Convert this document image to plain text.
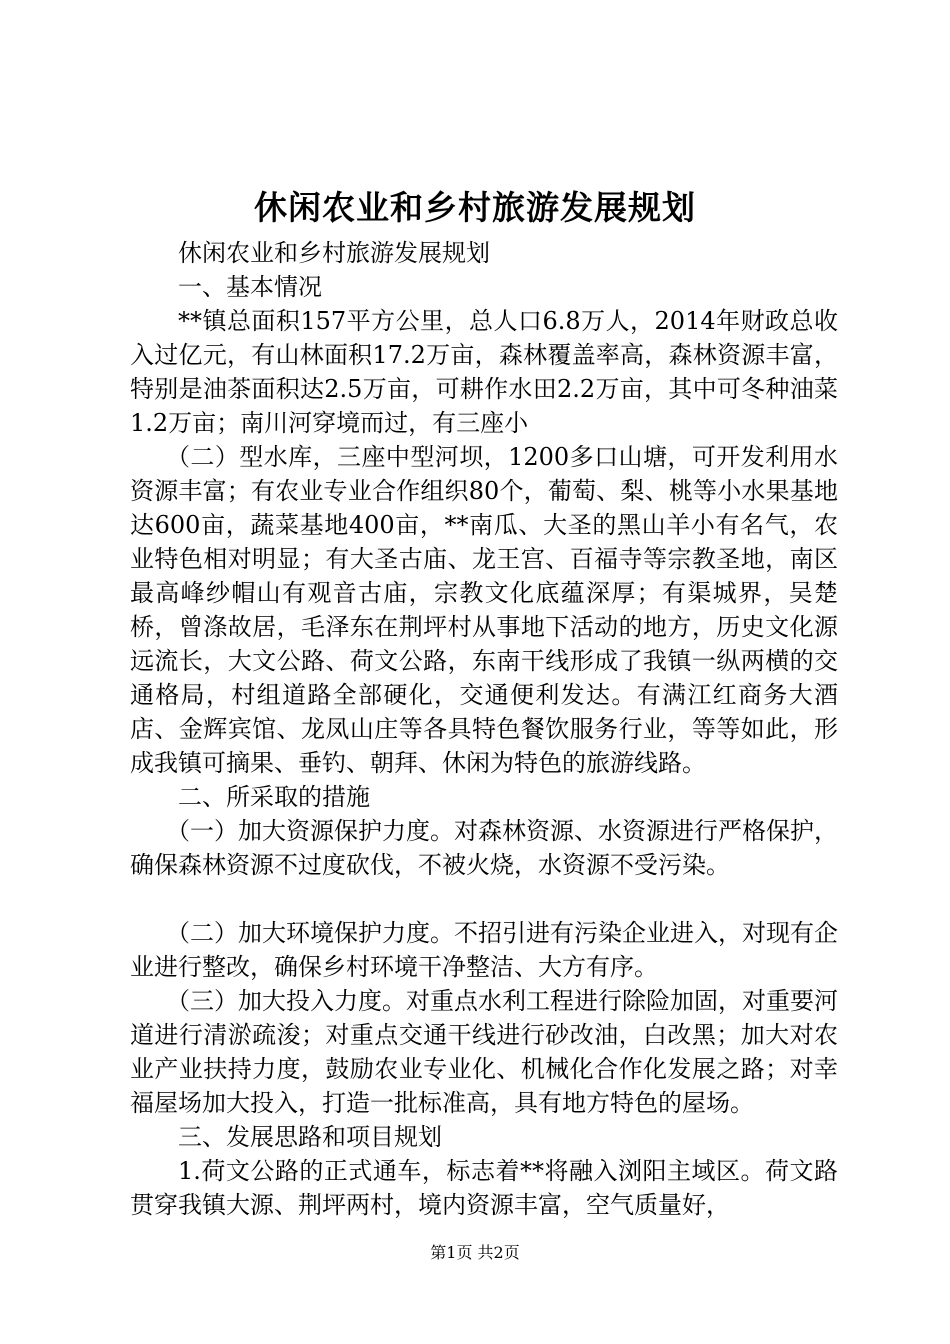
休闲农业和乡村旅游发展规划

休闲农业和乡村旅游发展规划

一、基本情况

**镇总面积157平方公里，总人口6.8万人，2014年财政总收入过亿元，有山林面积17.2万亩，森林覆盖率高，森林资源丰富，特别是油茶面积达2.5万亩，可耕作水田2.2万亩，其中可冬种油菜1.2万亩；南川河穿境而过，有三座小

（二）型水库，三座中型河坝，1200多口山塘，可开发利用水资源丰富；有农业专业合作组织80个，葡萄、梨、桃等小水果基地达600亩，蔬菜基地400亩，**南瓜、大圣的黑山羊小有名气，农业特色相对明显；有大圣古庙、龙王宫、百福寺等宗教圣地，南区最高峰纱帽山有观音古庙，宗教文化底蕴深厚；有渠城界，吴楚桥，曾涤故居，毛泽东在荆坪村从事地下活动的地方，历史文化源远流长，大文公路、荷文公路，东南干线形成了我镇一纵两横的交通格局，村组道路全部硬化，交通便利发达。有满江红商务大酒店、金辉宾馆、龙凤山庄等各具特色餐饮服务行业，等等如此，形成我镇可摘果、垂钓、朝拜、休闲为特色的旅游线路。

二、所采取的措施

（一）加大资源保护力度。对森林资源、水资源进行严格保护，确保森林资源不过度砍伐，不被火烧，水资源不受污染。

（二）加大环境保护力度。不招引进有污染企业进入，对现有企业进行整改，确保乡村环境干净整洁、大方有序。

（三）加大投入力度。对重点水利工程进行除险加固，对重要河道进行清淤疏浚；对重点交通干线进行砂改油，白改黑；加大对农业产业扶持力度，鼓励农业专业化、机械化合作化发展之路；对幸福屋场加大投入，打造一批标准高，具有地方特色的屋场。

三、发展思路和项目规划

1.荷文公路的正式通车，标志着**将融入浏阳主域区。荷文路贯穿我镇大源、荆坪两村，境内资源丰富，空气质量好，

第1页 共2页
